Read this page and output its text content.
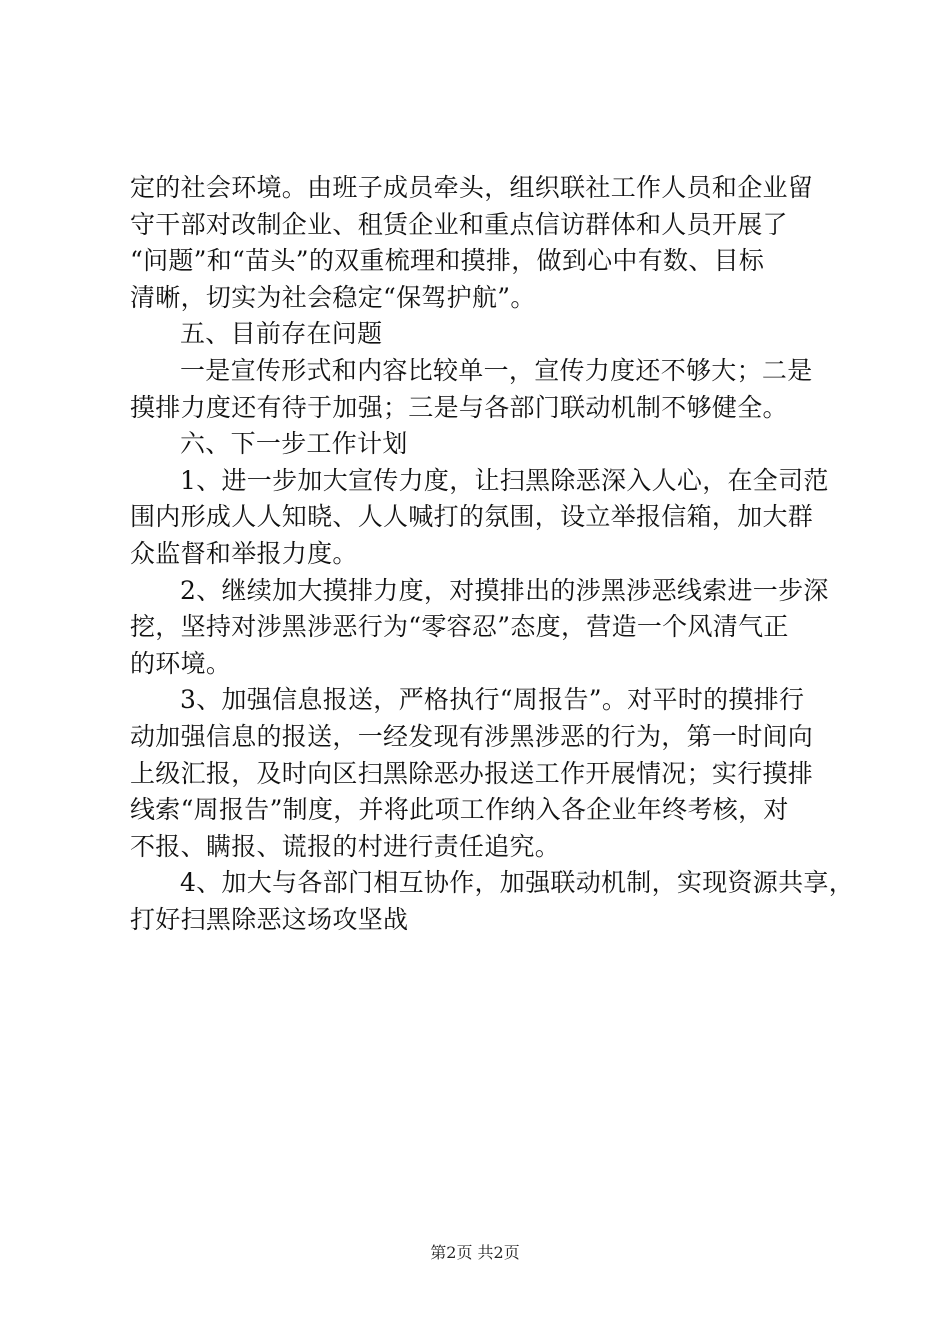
定的社会环境。由班子成员牵头，组织联社工作人员和企业留
守干部对改制企业、租赁企业和重点信访群体和人员开展了
“问题”和“苗头”的双重梳理和摸排，做到心中有数、目标
清晰，切实为社会稳定“保驾护航”。
五、目前存在问题
一是宣传形式和内容比较单一，宣传力度还不够大；二是
摸排力度还有待于加强；三是与各部门联动机制不够健全。
六、下一步工作计划
1、进一步加大宣传力度，让扫黑除恶深入人心，在全司范
围内形成人人知晓、人人喊打的氛围，设立举报信箱，加大群
众监督和举报力度。
2、继续加大摸排力度，对摸排出的涉黑涉恶线索进一步深
挖，坚持对涉黑涉恶行为“零容忍”态度，营造一个风清气正
的环境。
3、加强信息报送，严格执行“周报告”。对平时的摸排行
动加强信息的报送，一经发现有涉黑涉恶的行为，第一时间向
上级汇报，及时向区扫黑除恶办报送工作开展情况；实行摸排
线索“周报告”制度，并将此项工作纳入各企业年终考核，对
不报、瞒报、谎报的村进行责任追究。
4、加大与各部门相互协作，加强联动机制，实现资源共享，
打好扫黑除恶这场攻坚战
第2页 共2页
